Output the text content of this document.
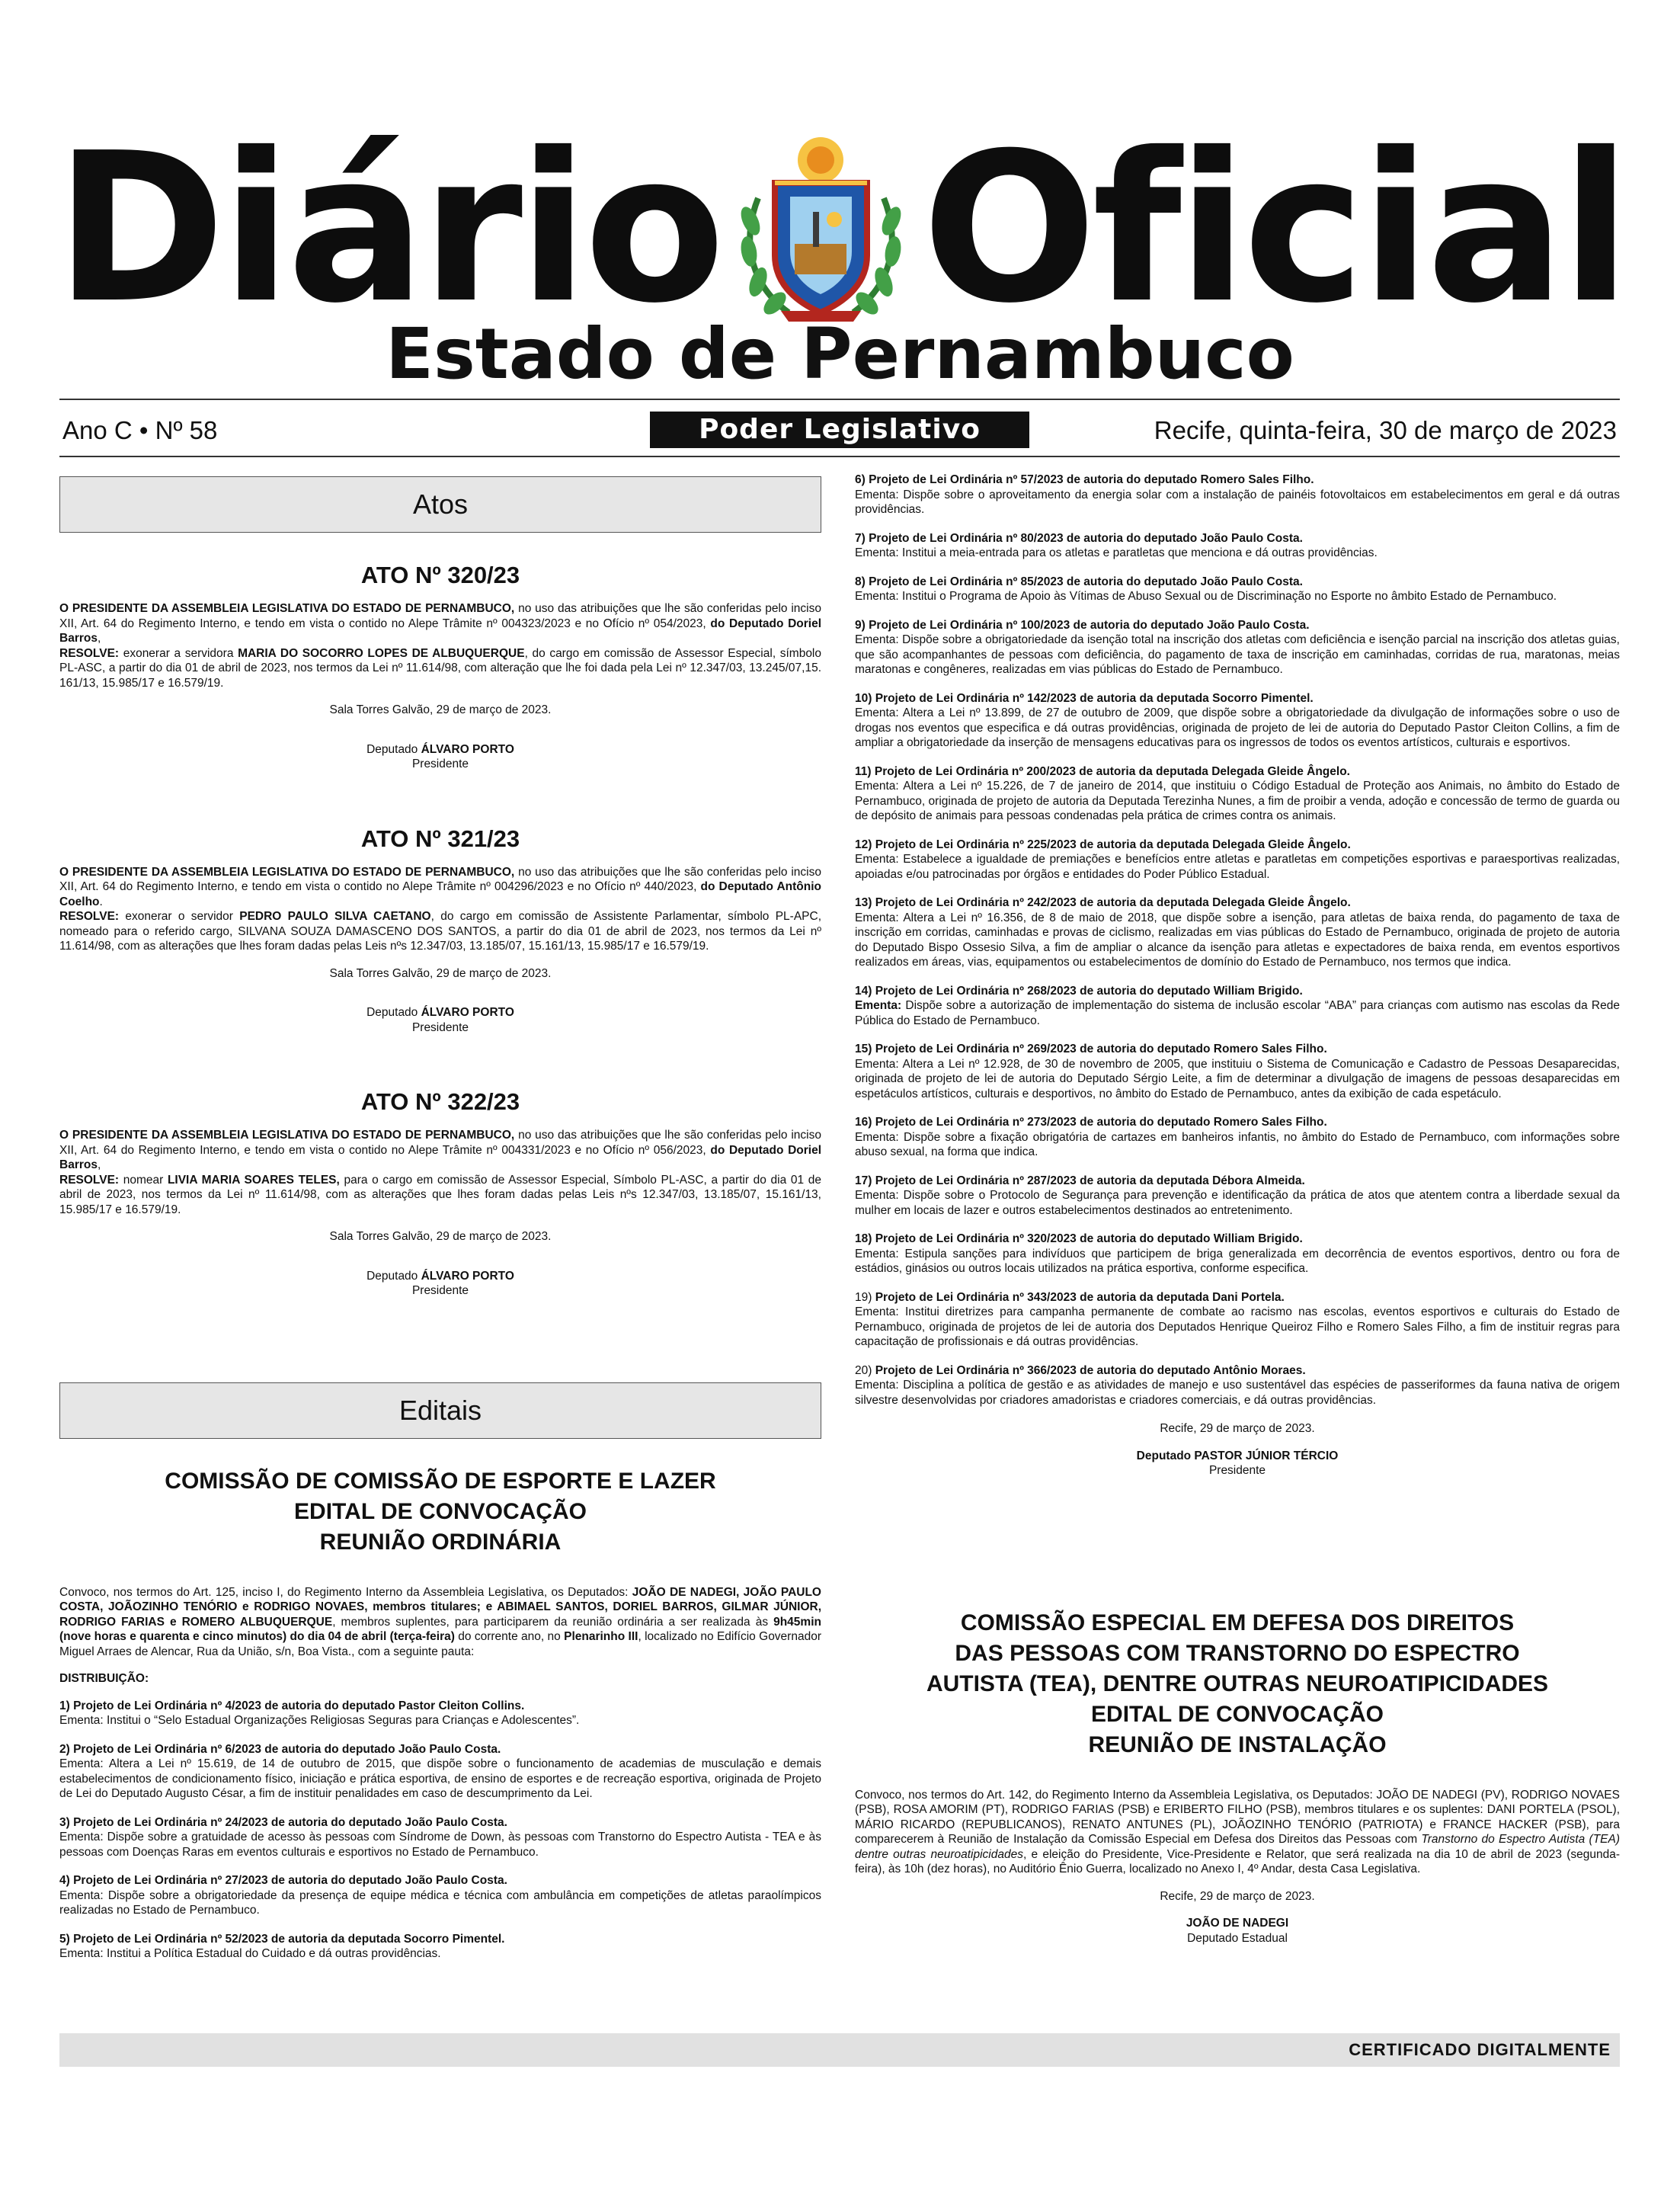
Diário Oficial
Estado de Pernambuco
Ano C • Nº 58	Poder Legislativo	Recife, quinta-feira, 30 de março de 2023
Atos
ATO Nº 320/23

O PRESIDENTE DA ASSEMBLEIA LEGISLATIVA DO ESTADO DE PERNAMBUCO, no uso das atribuições que lhe são conferidas pelo inciso XII, Art. 64 do Regimento Interno, e tendo em vista o contido no Alepe Trâmite nº 004323/2023 e no Ofício nº 054/2023, do Deputado Doriel Barros,
RESOLVE: exonerar a servidora MARIA DO SOCORRO LOPES DE ALBUQUERQUE, do cargo em comissão de Assessor Especial, símbolo PL-ASC, a partir do dia 01 de abril de 2023, nos termos da Lei nº 11.614/98, com alteração que lhe foi dada pela Lei nº 12.347/03, 13.245/07,15. 161/13, 15.985/17 e 16.579/19.

Sala Torres Galvão, 29 de março de 2023.

Deputado ÁLVARO PORTO

Presidente

ATO Nº 321/23

O PRESIDENTE DA ASSEMBLEIA LEGISLATIVA DO ESTADO DE PERNAMBUCO, no uso das atribuições que lhe são conferidas pelo inciso XII, Art. 64 do Regimento Interno, e tendo em vista o contido no Alepe Trâmite nº 004296/2023 e no Ofício nº 440/2023, do Deputado Antônio Coelho.
RESOLVE: exonerar o servidor PEDRO PAULO SILVA CAETANO, do cargo em comissão de Assistente Parlamentar, símbolo PL-APC, nomeado para o referido cargo, SILVANA SOUZA DAMASCENO DOS SANTOS, a partir do dia 01 de abril de 2023, nos termos da Lei nº 11.614/98, com as alterações que lhes foram dadas pelas Leis nºs 12.347/03, 13.185/07, 15.161/13, 15.985/17 e 16.579/19.

Sala Torres Galvão, 29 de março de 2023.

Deputado ÁLVARO PORTO

Presidente

ATO Nº 322/23

O PRESIDENTE DA ASSEMBLEIA LEGISLATIVA DO ESTADO DE PERNAMBUCO, no uso das atribuições que lhe são conferidas pelo inciso XII, Art. 64 do Regimento Interno, e tendo em vista o contido no Alepe Trâmite nº 004331/2023 e no Ofício nº 056/2023, do Deputado Doriel Barros,
RESOLVE: nomear LIVIA MARIA SOARES TELES, para o cargo em comissão de Assessor Especial, Símbolo PL-ASC, a partir do dia 01 de abril de 2023, nos termos da Lei nº 11.614/98, com as alterações que lhes foram dadas pelas Leis nºs 12.347/03, 13.185/07, 15.161/13, 15.985/17 e 16.579/19.

Sala Torres Galvão, 29 de março de 2023.

Deputado ÁLVARO PORTO

Presidente

Editais
COMISSÃO DE COMISSÃO DE ESPORTE E LAZER
EDITAL DE CONVOCAÇÃO
REUNIÃO ORDINÁRIA

Convoco, nos termos do Art. 125, inciso I, do Regimento Interno da Assembleia Legislativa, os Deputados: JOÃO DE NADEGI, JOÃO PAULO COSTA, JOÃOZINHO TENÓRIO e RODRIGO NOVAES, membros titulares; e ABIMAEL SANTOS, DORIEL BARROS, GILMAR JÚNIOR, RODRIGO FARIAS e ROMERO ALBUQUERQUE, membros suplentes, para participarem da reunião ordinária a ser realizada às 9h45min (nove horas e quarenta e cinco minutos) do dia 04 de abril (terça-feira) do corrente ano, no Plenarinho III, localizado no Edifício Governador Miguel Arraes de Alencar, Rua da União, s/n, Boa Vista., com a seguinte pauta:

DISTRIBUIÇÃO:

1) Projeto de Lei Ordinária nº 4/2023 de autoria do deputado Pastor Cleiton Collins.

Ementa: Institui o “Selo Estadual Organizações Religiosas Seguras para Crianças e Adolescentes”.

2) Projeto de Lei Ordinária nº 6/2023 de autoria do deputado João Paulo Costa.

Ementa: Altera a Lei nº 15.619, de 14 de outubro de 2015, que dispõe sobre o funcionamento de academias de musculação e demais estabelecimentos de condicionamento físico, iniciação e prática esportiva, de ensino de esportes e de recreação esportiva, originada de Projeto de Lei do Deputado Augusto César, a fim de instituir penalidades em caso de descumprimento da Lei.

3) Projeto de Lei Ordinária nº 24/2023 de autoria do deputado João Paulo Costa.

Ementa: Dispõe sobre a gratuidade de acesso às pessoas com Síndrome de Down, às pessoas com Transtorno do Espectro Autista - TEA e às pessoas com Doenças Raras em eventos culturais e esportivos no Estado de Pernambuco.

4) Projeto de Lei Ordinária nº 27/2023 de autoria do deputado João Paulo Costa.

Ementa: Dispõe sobre a obrigatoriedade da presença de equipe médica e técnica com ambulância em competições de atletas paraolímpicos realizadas no Estado de Pernambuco.

5) Projeto de Lei Ordinária nº 52/2023 de autoria da deputada Socorro Pimentel.

Ementa: Institui a Política Estadual do Cuidado e dá outras providências.

6) Projeto de Lei Ordinária nº 57/2023 de autoria do deputado Romero Sales Filho.

Ementa: Dispõe sobre o aproveitamento da energia solar com a instalação de painéis fotovoltaicos em estabelecimentos em geral e dá outras providências.

7) Projeto de Lei Ordinária nº 80/2023 de autoria do deputado João Paulo Costa.

Ementa: Institui a meia-entrada para os atletas e paratletas que menciona e dá outras providências.

8) Projeto de Lei Ordinária nº 85/2023 de autoria do deputado João Paulo Costa.

Ementa: Institui o Programa de Apoio às Vítimas de Abuso Sexual ou de Discriminação no Esporte no âmbito Estado de Pernambuco.

9) Projeto de Lei Ordinária nº 100/2023 de autoria do deputado João Paulo Costa.

Ementa: Dispõe sobre a obrigatoriedade da isenção total na inscrição dos atletas com deficiência e isenção parcial na inscrição dos atletas guias, que são acompanhantes de pessoas com deficiência, do pagamento de taxa de inscrição em caminhadas, corridas de rua, maratonas, meias maratonas e congêneres, realizadas em vias públicas do Estado de Pernambuco.

10) Projeto de Lei Ordinária nº 142/2023 de autoria da deputada Socorro Pimentel.

Ementa: Altera a Lei nº 13.899, de 27 de outubro de 2009, que dispõe sobre a obrigatoriedade da divulgação de informações sobre o uso de drogas nos eventos que especifica e dá outras providências, originada de projeto de lei de autoria do Deputado Pastor Cleiton Collins, a fim de ampliar a obrigatoriedade da inserção de mensagens educativas para os ingressos de todos os eventos artísticos, culturais e esportivos.

11) Projeto de Lei Ordinária nº 200/2023 de autoria da deputada Delegada Gleide Ângelo.

Ementa: Altera a Lei nº 15.226, de 7 de janeiro de 2014, que instituiu o Código Estadual de Proteção aos Animais, no âmbito do Estado de Pernambuco, originada de projeto de autoria da Deputada Terezinha Nunes, a fim de proibir a venda, adoção e concessão de termo de guarda ou de depósito de animais para pessoas condenadas pela prática de crimes contra os animais.

12) Projeto de Lei Ordinária nº 225/2023 de autoria da deputada Delegada Gleide Ângelo.

Ementa: Estabelece a igualdade de premiações e benefícios entre atletas e paratletas em competições esportivas e paraesportivas realizadas, apoiadas e/ou patrocinadas por órgãos e entidades do Poder Público Estadual.

13) Projeto de Lei Ordinária nº 242/2023 de autoria da deputada Delegada Gleide Ângelo.

Ementa: Altera a Lei nº 16.356, de 8 de maio de 2018, que dispõe sobre a isenção, para atletas de baixa renda, do pagamento de taxa de inscrição em corridas, caminhadas e provas de ciclismo, realizadas em vias públicas do Estado de Pernambuco, originada de projeto de autoria do Deputado Bispo Ossesio Silva, a fim de ampliar o alcance da isenção para atletas e expectadores de baixa renda, em eventos esportivos realizados em áreas, vias, equipamentos ou estabelecimentos de domínio do Estado de Pernambuco, nos termos que indica.

14) Projeto de Lei Ordinária nº 268/2023 de autoria do deputado William Brigido.

Ementa: Dispõe sobre a autorização de implementação do sistema de inclusão escolar “ABA” para crianças com autismo nas escolas da Rede Pública do Estado de Pernambuco.

15) Projeto de Lei Ordinária nº 269/2023 de autoria do deputado Romero Sales Filho.

Ementa: Altera a Lei nº 12.928, de 30 de novembro de 2005, que instituiu o Sistema de Comunicação e Cadastro de Pessoas Desaparecidas, originada de projeto de lei de autoria do Deputado Sérgio Leite, a fim de determinar a divulgação de imagens de pessoas desaparecidas em espetáculos artísticos, culturais e desportivos, no âmbito do Estado de Pernambuco, antes da exibição de cada espetáculo.

16) Projeto de Lei Ordinária nº 273/2023 de autoria do deputado Romero Sales Filho.

Ementa: Dispõe sobre a fixação obrigatória de cartazes em banheiros infantis, no âmbito do Estado de Pernambuco, com informações sobre abuso sexual, na forma que indica.

17) Projeto de Lei Ordinária nº 287/2023 de autoria da deputada Débora Almeida.

Ementa: Dispõe sobre o Protocolo de Segurança para prevenção e identificação da prática de atos que atentem contra a liberdade sexual da mulher em locais de lazer e outros estabelecimentos destinados ao entretenimento.

18) Projeto de Lei Ordinária nº 320/2023 de autoria do deputado William Brigido.

Ementa: Estipula sanções para indivíduos que participem de briga generalizada em decorrência de eventos esportivos, dentro ou fora de estádios, ginásios ou outros locais utilizados na prática esportiva, conforme especifica.

19) Projeto de Lei Ordinária nº 343/2023 de autoria da deputada Dani Portela.

Ementa: Institui diretrizes para campanha permanente de combate ao racismo nas escolas, eventos esportivos e culturais do Estado de Pernambuco, originada de projetos de lei de autoria dos Deputados Henrique Queiroz Filho e Romero Sales Filho, a fim de instituir regras para capacitação de profissionais e dá outras providências.

20) Projeto de Lei Ordinária nº 366/2023 de autoria do deputado Antônio Moraes.

Ementa: Disciplina a política de gestão e as atividades de manejo e uso sustentável das espécies de passeriformes da fauna nativa de origem silvestre desenvolvidas por criadores amadoristas e criadores comerciais, e dá outras providências.

Recife, 29 de março de 2023.

Deputado PASTOR JÚNIOR TÉRCIO

Presidente

COMISSÃO ESPECIAL EM DEFESA DOS DIREITOS
DAS PESSOAS COM TRANSTORNO DO ESPECTRO
AUTISTA (TEA), DENTRE OUTRAS NEUROATIPICIDADES
EDITAL DE CONVOCAÇÃO
REUNIÃO DE INSTALAÇÃO

Convoco, nos termos do Art. 142, do Regimento Interno da Assembleia Legislativa, os Deputados: JOÃO DE NADEGI (PV), RODRIGO NOVAES (PSB), ROSA AMORIM (PT), RODRIGO FARIAS (PSB) e ERIBERTO FILHO (PSB), membros titulares e os suplentes: DANI PORTELA (PSOL), MÁRIO RICARDO (REPUBLICANOS), RENATO ANTUNES (PL), JOÃOZINHO TENÓRIO (PATRIOTA) e FRANCE HACKER (PSB), para comparecerem à Reunião de Instalação da Comissão Especial em Defesa dos Direitos das Pessoas com Transtorno do Espectro Autista (TEA) dentre outras neuroatipicidades, e eleição do Presidente, Vice-Presidente e Relator, que será realizada na dia 10 de abril de 2023 (segunda-feira), às 10h (dez horas), no Auditório Ênio Guerra, localizado no Anexo I, 4º Andar, desta Casa Legislativa.

Recife, 29 de março de 2023.

JOÃO DE NADEGI

Deputado Estadual

CERTIFICADO DIGITALMENTE
